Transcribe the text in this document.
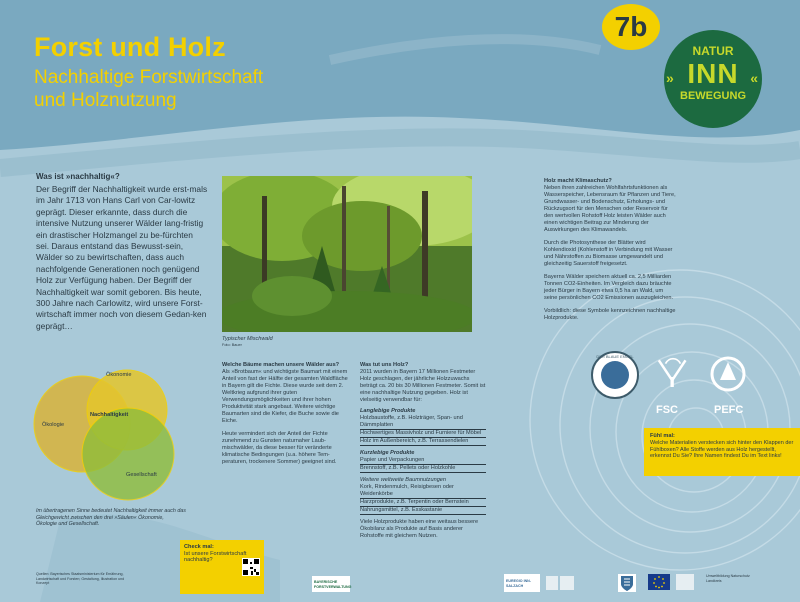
Forst und Holz
Nachhaltige Forstwirtschaft
und Holznutzung
7b
»	«
NATUR
INN
BEWEGUNG
Was ist »nachhaltig«?
Der Begriff der Nachhaltigkeit wurde erst-mals im Jahr 1713 von Hans Carl von Car-lowitz geprägt. Dieser erkannte, dass durch die intensive Nutzung unserer Wälder lang-fristig ein drastischer Holzmangel zu be-fürchten sei. Daraus entstand das Bewusst-sein, Wälder so zu bewirtschaften, dass auch nachfolgende Generationen noch genügend Holz zur Verfügung haben. Der Begriff der Nachhaltigkeit war somit geboren. Bis heute, 300 Jahre nach Carlowitz, wird unsere Forst-wirtschaft immer noch von diesem Gedan-ken geprägt…
Typischer Mischwald
Foto: Bauer
Ökonomie
Ökologie
Nachhaltigkeit
Gesellschaft
Im übertragenen Sinne bedeutet Nachhaltigkeit immer auch das Gleichgewicht zwischen den drei »Säulen« Ökonomie, Ökologie und Gesellschaft.
Welche Bäume machen unsere Wälder aus?
Als »Brotbaum« und wichtigste Baumart mit einem Anteil von fast der Hälfte der gesamten Waldfläche in Bayern gilt die Fichte. Diese wurde seit dem 2. Weltkrieg aufgrund ihrer guten Verwendungsmöglichkeiten und ihrer hohen Produktivität stark angebaut. Weitere wichtige Baumarten sind die Kiefer, die Buche sowie die Eiche.
Heute vermindert sich der Anteil der Fichte zunehmend zu Gunsten naturnaher Laub-mischwälder, da diese besser für veränderte klimatische Bedingungen (u.a. höhere Tem-peraturen, trockenere Sommer) geeignet sind.
Was tut uns Holz?
2011 wurden in Bayern 17 Millionen Festmeter Holz geschlagen, der jährliche Holzzuwachs beträgt ca. 20 bis 30 Millionen Festmeter. Somit ist eine nachhaltige Nutzung gegeben. Holz ist vielseitig verwendbar für:
Langlebige Produkte
Holzbaustoffe, z.B. Holzträger, Span- und Dämmplatten
Hochwertiges Massivholz und Furniere für Möbel
Holz im Außenbereich, z.B. Terrassendielen
Kurzlebige Produkte
Papier und Verpackungen
Brennstoff, z.B. Pellets oder Holzkohle
Weitere weltweite Baumnutzungen
Kork, Rindenmulch, Reisigbesen oder Weidenkörbe
Harzprodukte, z.B. Terpentin oder Bernstein
Nahrungsmittel, z.B. Esskastanie
Viele Holzprodukte haben eine weitaus bessere Ökobilanz als Produkte auf Basis anderer Rohstoffe mit gleichem Nutzen.
Holz macht Klimaschutz?
Neben ihren zahlreichen Wohlfahrtsfunktionen als Wasserspeicher, Lebensraum für Pflanzen und Tiere, Grundwasser- und Bodenschutz, Erholungs- und Rückzugsort für den Menschen oder Reservoir für den wertvollen Rohstoff Holz leisten Wälder auch einen wichtigen Beitrag zur Minderung der Auswirkungen des Klimawandels.
Durch die Photosynthese der Blätter wird Kohlendioxid (Kohlenstoff in Verbindung mit Wasser und Nährstoffen zu Biomasse umgewandelt und gleichzeitig Sauerstoff freigesetzt.
Bayerns Wälder speichern aktuell ca. 2,5 Milliarden Tonnen CO2-Einheiten. Im Vergleich dazu bräuchte jeder Bürger in Bayern etwa 0,5 ha an Wald, um seine persönlichen CO2 Emissionen auszugleichen.
Vorbildlich: diese Symbole kennzeichnen nachhaltige Holzprodukte.
DER BLAUE ENGEL
FSC	PEFC
Check mal:
Ist unsere Forstwirtschaft nachhaltig?
Fühl mal:
Welche Materialien verstecken sich hinter den Klappen der Fühlboxen? Alle Stoffe werden aus Holz hergestellt, erkennst Du Sie? Ihre Namen findest Du im Text links!
Quellen: Bayerisches Staatsministerium für Ernährung, Landwirtschaft und Forsten; Gestaltung, Illustration und Konzept	BAYERISCHE FORSTVERWALTUNG
EUREGIO INN-SALZACH
Umweltbildung Naturschutz Landkreis
